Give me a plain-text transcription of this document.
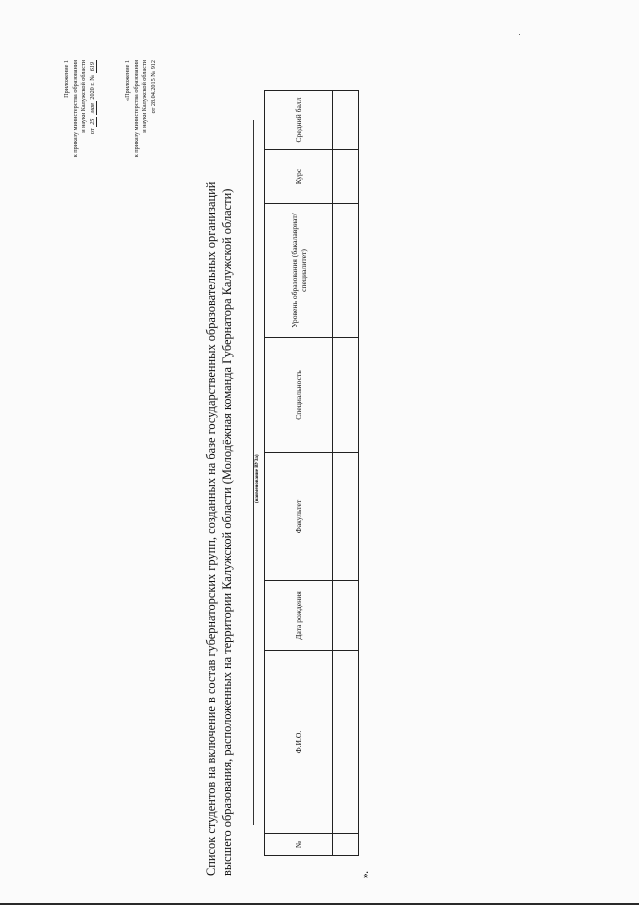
Приложение 1 к приказу министерства образования и науки Калужской области от 25 мая 2020 г. № 619	«Приложение 1 к приказу министерства образования и науки Калужской области от 28.04.2015 № 912
Список студентов на включение в состав губернаторских групп, созданных на базе государственных образовательных организаций высшего образования, расположенных на территории Калужской области (Молодёжная команда Губернатора Калужской области)	(наименование ВУЗа)
№	Ф.И.О.	Дата рождения	Факультет	Специальность	Уровень образования (бакалавриат/специалитет)	Курс	Средний балл

».
